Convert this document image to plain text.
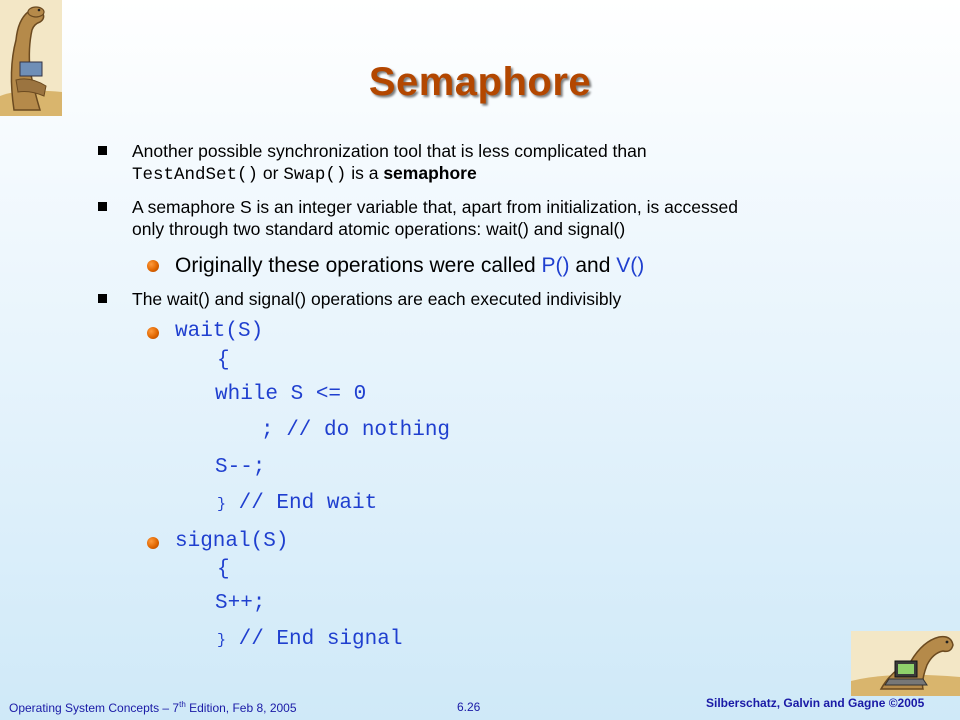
Semaphore
Another possible synchronization tool that is less complicated than
TestAndSet() or Swap() is a semaphore
A semaphore S is an integer variable that, apart from initialization, is accessed
only through two standard atomic operations: wait() and signal()
Originally these operations were called P() and V()
The wait() and signal() operations are each executed indivisibly
wait(S)
{
while S <= 0
; // do nothing
S--;
} // End wait
signal(S)
{
S++;
} // End signal
Operating System Concepts – 7th Edition, Feb 8, 2005	6.26	Silberschatz, Galvin and Gagne ©2005
